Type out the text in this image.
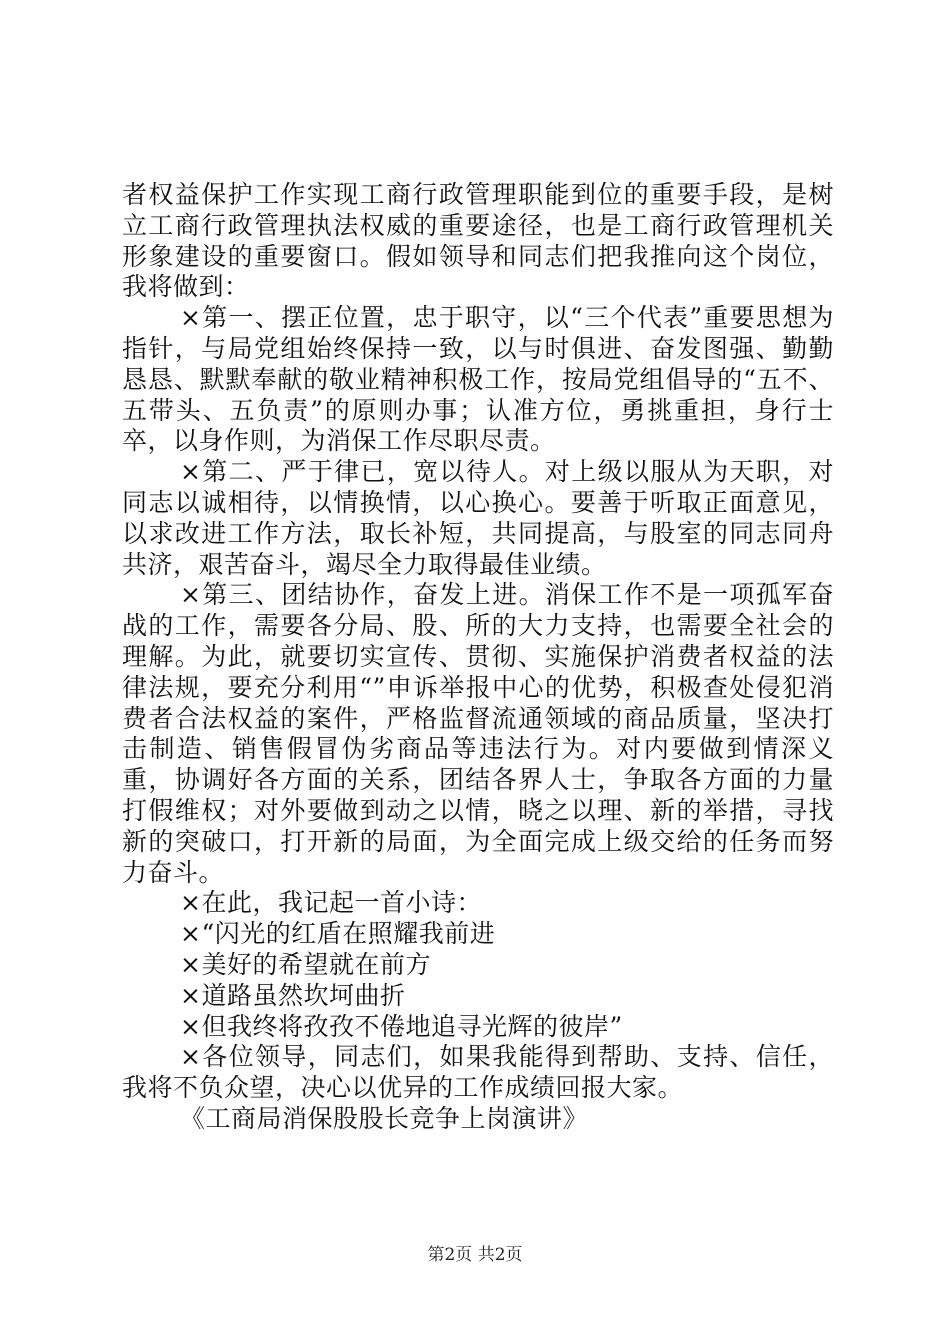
者权益保护工作实现工商行政管理职能到位的重要手段，是树立工商行政管理执法权威的重要途径，也是工商行政管理机关形象建设的重要窗口。假如领导和同志们把我推向这个岗位，我将做到：

×第一、摆正位置，忠于职守，以“三个代表”重要思想为指针，与局党组始终保持一致，以与时俱进、奋发图强、勤勤恳恳、默默奉献的敬业精神积极工作，按局党组倡导的“五不、五带头、五负责”的原则办事；认准方位，勇挑重担，身行士卒，以身作则，为消保工作尽职尽责。

×第二、严于律已，宽以待人。对上级以服从为天职，对同志以诚相待，以情换情，以心换心。要善于听取正面意见，以求改进工作方法，取长补短，共同提高，与股室的同志同舟共济，艰苦奋斗，竭尽全力取得最佳业绩。

×第三、团结协作，奋发上进。消保工作不是一项孤军奋战的工作，需要各分局、股、所的大力支持，也需要全社会的理解。为此，就要切实宣传、贯彻、实施保护消费者权益的法律法规，要充分利用“”申诉举报中心的优势，积极查处侵犯消费者合法权益的案件，严格监督流通领域的商品质量，坚决打击制造、销售假冒伪劣商品等违法行为。对内要做到情深义重，协调好各方面的关系，团结各界人士，争取各方面的力量打假维权；对外要做到动之以情，晓之以理、新的举措，寻找新的突破口，打开新的局面，为全面完成上级交给的任务而努力奋斗。

×在此，我记起一首小诗：

×“闪光的红盾在照耀我前进

×美好的希望就在前方

×道路虽然坎坷曲折

×但我终将孜孜不倦地追寻光辉的彼岸”

×各位领导，同志们，如果我能得到帮助、支持、信任，我将不负众望，决心以优异的工作成绩回报大家。

《工商局消保股股长竞争上岗演讲》

第2页 共2页
